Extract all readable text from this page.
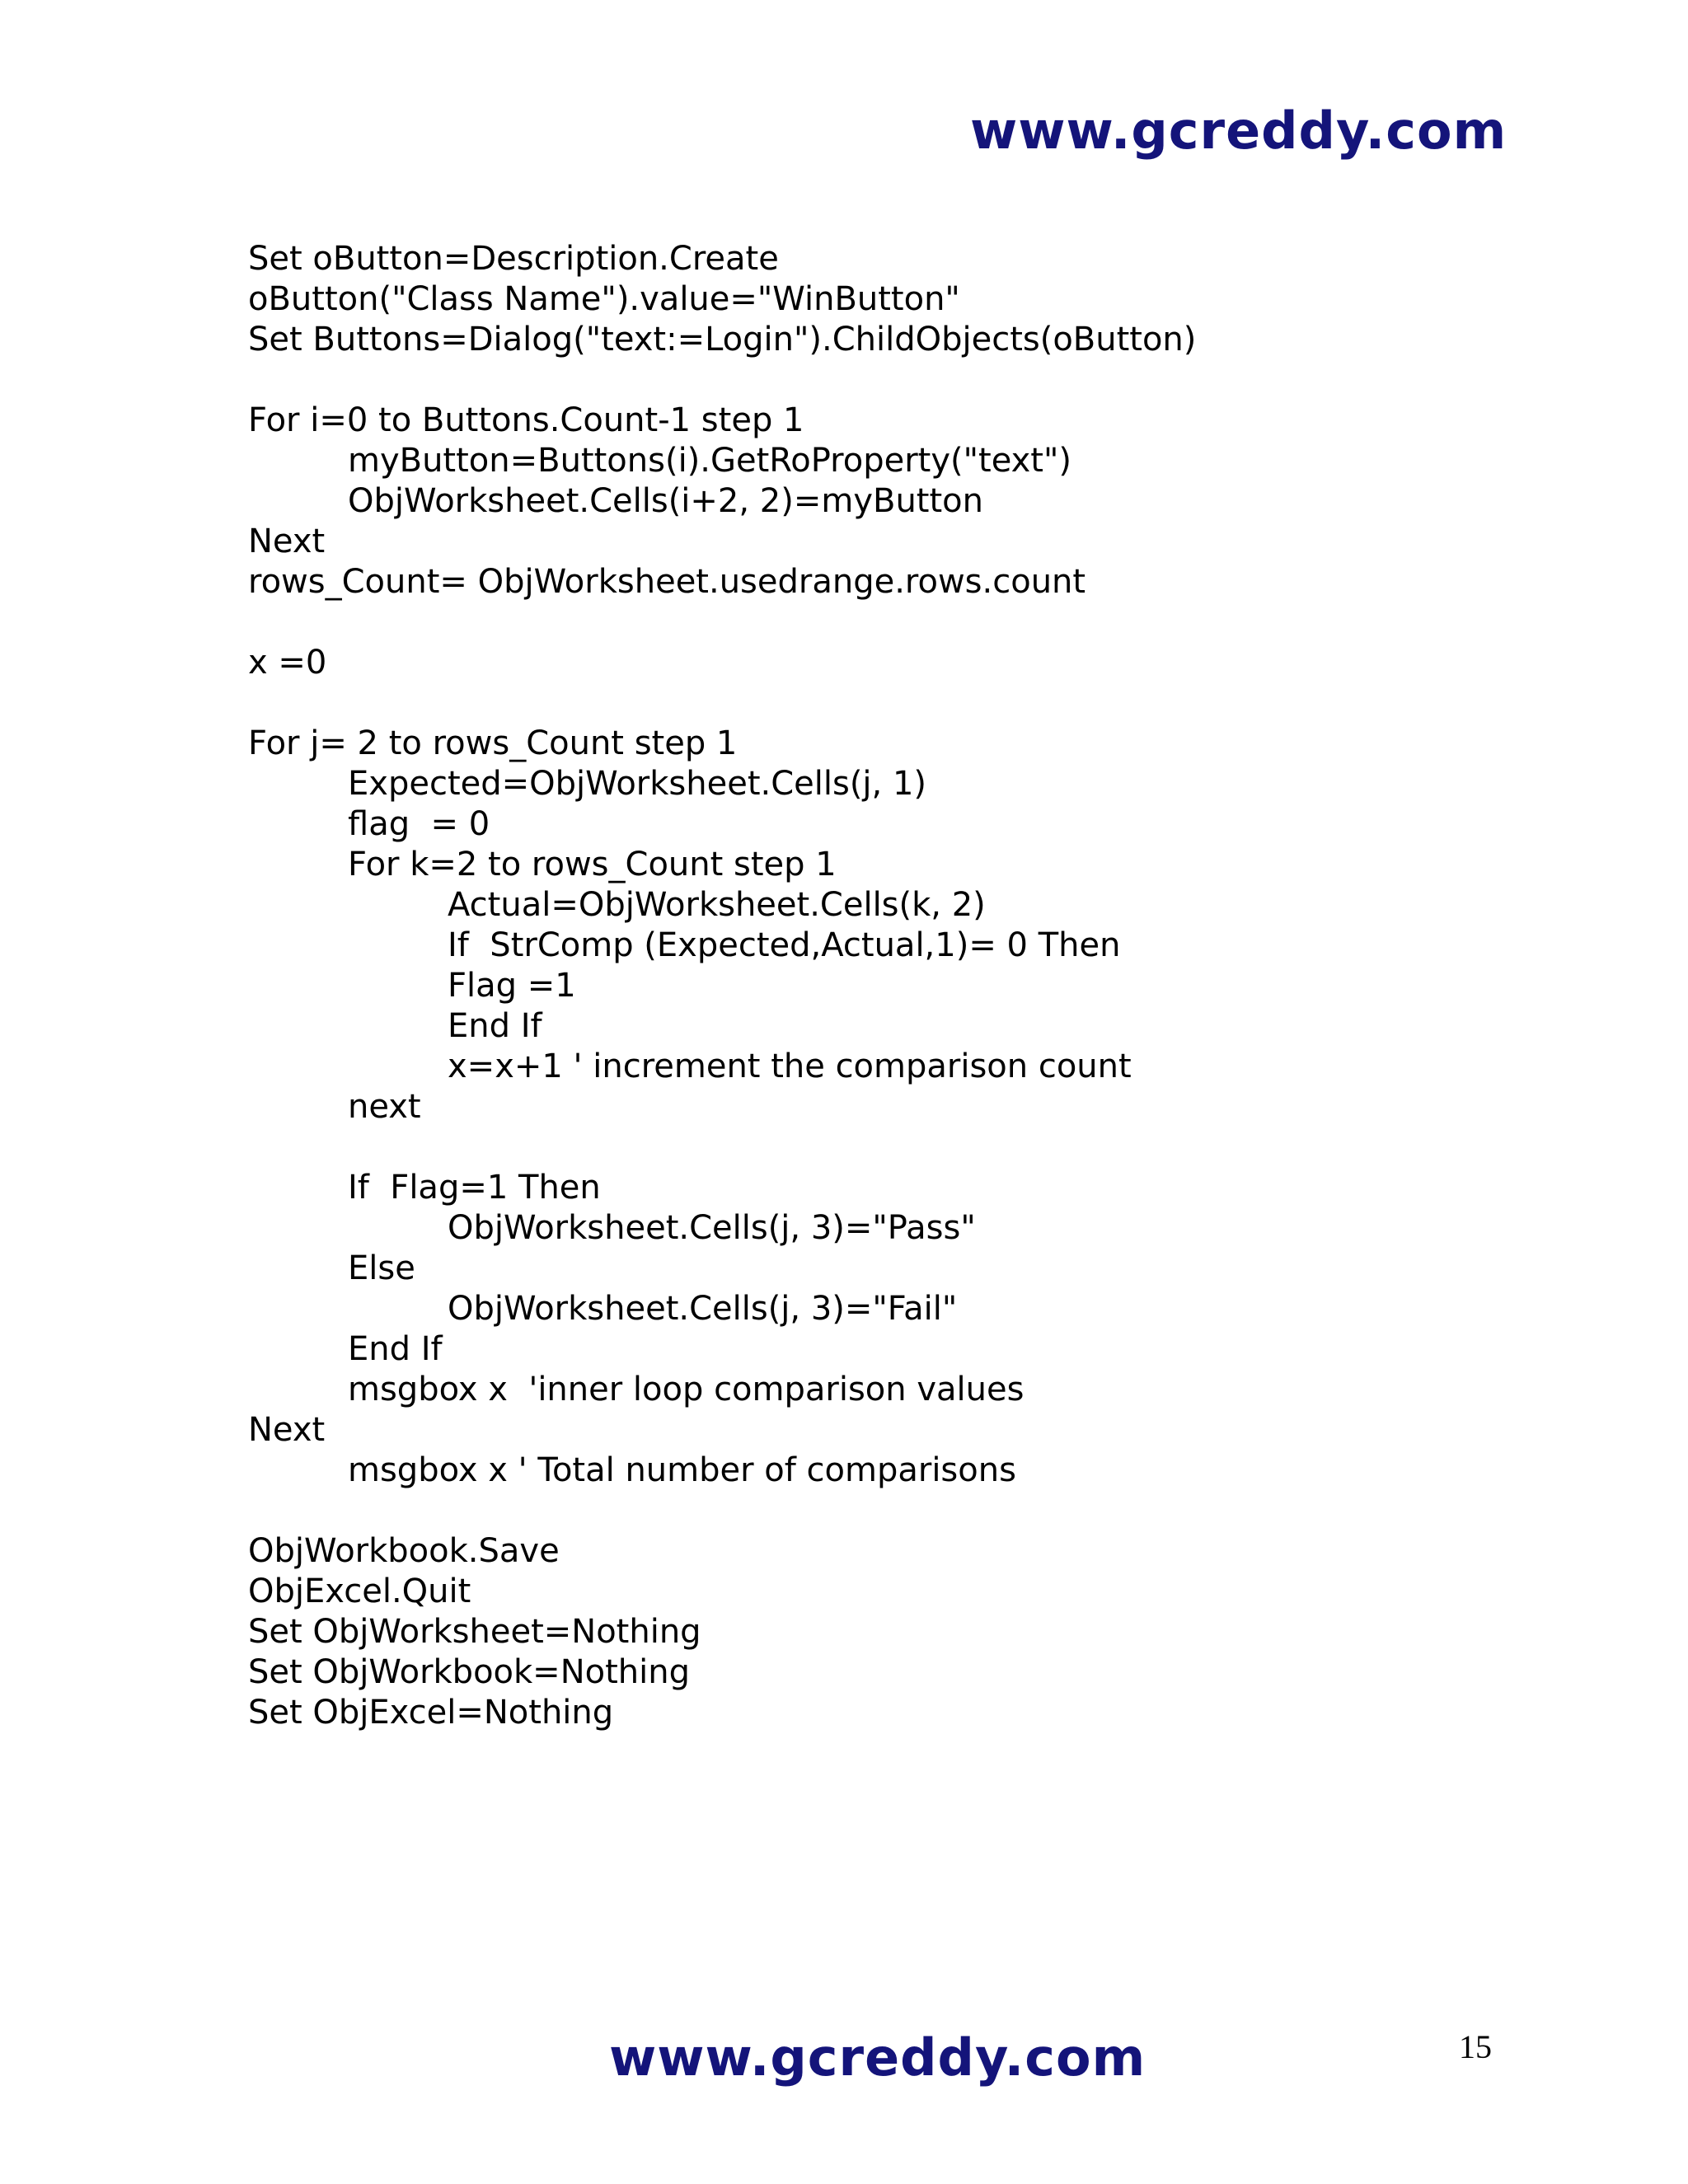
www.gcreddy.com
Set oButton=Description.Create
oButton("Class Name").value="WinButton"
Set Buttons=Dialog("text:=Login").ChildObjects(oButton)
For i=0 to Buttons.Count-1 step 1
myButton=Buttons(i).GetRoProperty("text")
ObjWorksheet.Cells(i+2, 2)=myButton
Next
rows_Count= ObjWorksheet.usedrange.rows.count
x =0
For j= 2 to rows_Count step 1
Expected=ObjWorksheet.Cells(j, 1)
flag  = 0
For k=2 to rows_Count step 1
Actual=ObjWorksheet.Cells(k, 2)
If  StrComp (Expected,Actual,1)= 0 Then
Flag =1
End If
x=x+1 ' increment the comparison count
next
If  Flag=1 Then
ObjWorksheet.Cells(j, 3)="Pass"
Else
ObjWorksheet.Cells(j, 3)="Fail"
End If
msgbox x  'inner loop comparison values
Next
msgbox x ' Total number of comparisons
ObjWorkbook.Save
ObjExcel.Quit
Set ObjWorksheet=Nothing
Set ObjWorkbook=Nothing
Set ObjExcel=Nothing
www.gcreddy.com	15
